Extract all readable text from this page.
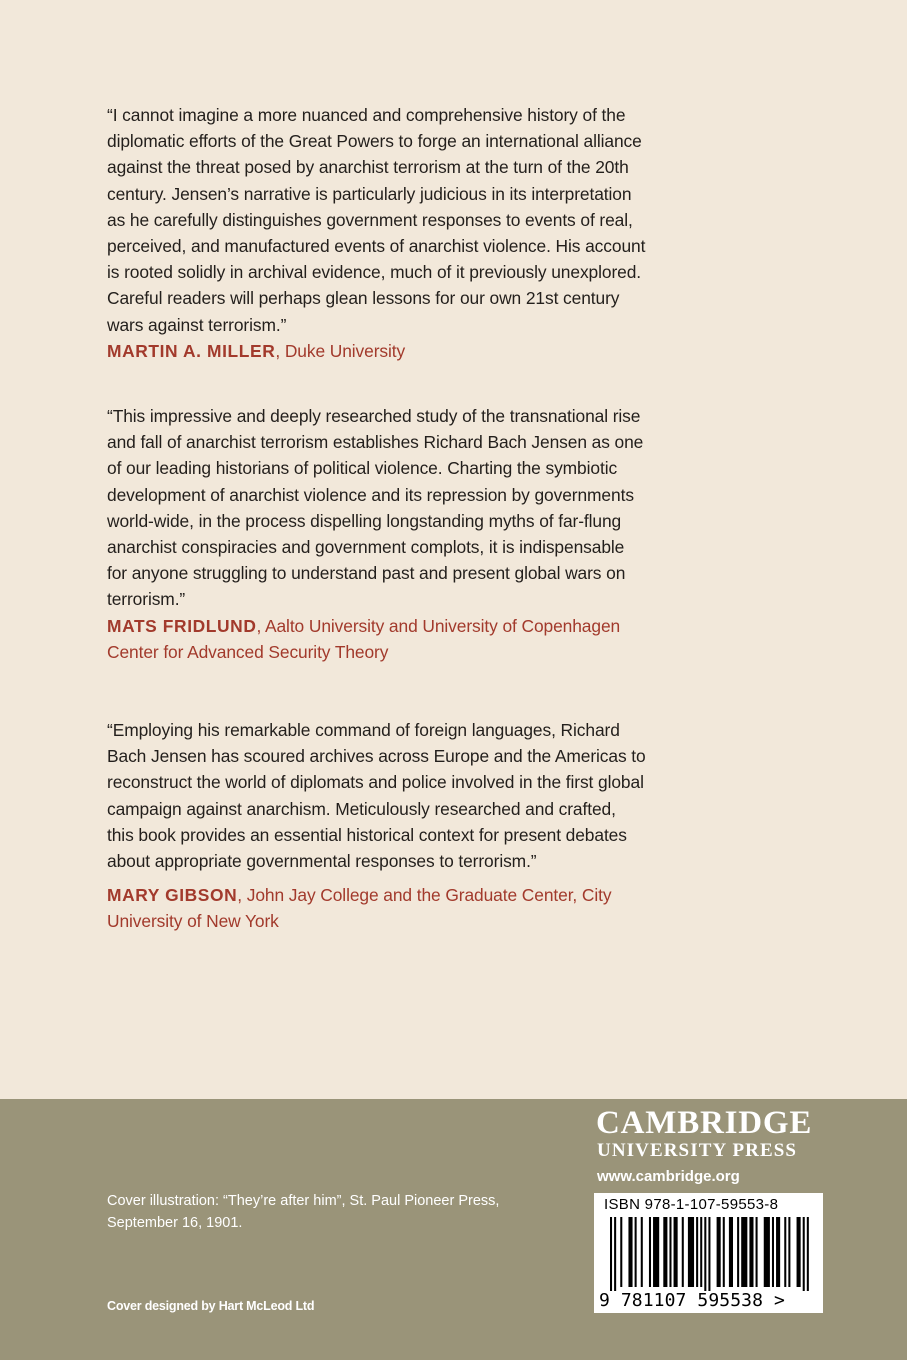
“I cannot imagine a more nuanced and comprehensive history of the diplomatic efforts of the Great Powers to forge an international alliance against the threat posed by anarchist terrorism at the turn of the 20th century. Jensen’s narrative is particularly judicious in its interpretation as he carefully distinguishes government responses to events of real, perceived, and manufactured events of anarchist violence. His account is rooted solidly in archival evidence, much of it previously unexplored. Careful readers will perhaps glean lessons for our own 21st century wars against terrorism.”

MARTIN A. MILLER, Duke University

“This impressive and deeply researched study of the transnational rise and fall of anarchist terrorism establishes Richard Bach Jensen as one of our leading historians of political violence. Charting the symbiotic development of anarchist violence and its repression by governments world-wide, in the process dispelling longstanding myths of far-flung anarchist conspiracies and government complots, it is indispensable for anyone struggling to understand past and present global wars on terrorism.”

MATS FRIDLUND, Aalto University and University of Copenhagen Center for Advanced Security Theory

“Employing his remarkable command of foreign languages, Richard Bach Jensen has scoured archives across Europe and the Americas to reconstruct the world of diplomats and police involved in the first global campaign against anarchism. Meticulously researched and crafted, this book provides an essential historical context for present debates about appropriate governmental responses to terrorism.”

MARY GIBSON, John Jay College and the Graduate Center, City University of New York
Cover illustration: “They’re after him”, St. Paul Pioneer Press, September 16, 1901.
Cover designed by Hart McLeod Ltd
CAMBRIDGE
UNIVERSITY PRESS
www.cambridge.org
ISBN 978-1-107-59553-8
9 781107 595538 >
